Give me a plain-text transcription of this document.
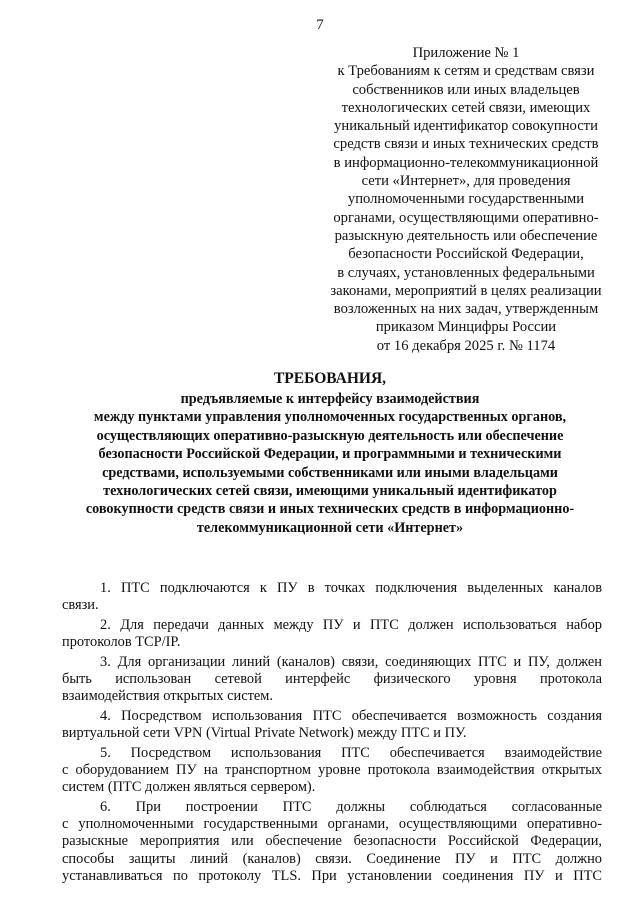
7
Приложение № 1
к Требованиям к сетям и средствам связи
собственников или иных владельцев
технологических сетей связи, имеющих
уникальный идентификатор совокупности
средств связи и иных технических средств
в информационно-телекоммуникационной
сети «Интернет», для проведения
уполномоченными государственными
органами, осуществляющими оперативно-
разыскную деятельность или обеспечение
безопасности Российской Федерации,
в случаях, установленных федеральными
законами, мероприятий в целях реализации
возложенных на них задач, утвержденным
приказом Минцифры России
от 16 декабря 2025 г. № 1174
ТРЕБОВАНИЯ,
предъявляемые к интерфейсу взаимодействия
между пунктами управления уполномоченных государственных органов,
осуществляющих оперативно-разыскную деятельность или обеспечение
безопасности Российской Федерации, и программными и техническими
средствами, используемыми собственниками или иными владельцами
технологических сетей связи, имеющими уникальный идентификатор
совокупности средств связи и иных технических средств в информационно-
телекоммуникационной сети «Интернет»
1. ПТС подключаются к ПУ в точках подключения выделенных каналов
связи.
2. Для передачи данных между ПУ и ПТС должен использоваться набор
протоколов TCP/IP.
3. Для организации линий (каналов) связи, соединяющих ПТС и ПУ, должен
быть использован сетевой интерфейс физического уровня протокола
взаимодействия открытых систем.
4. Посредством использования ПТС обеспечивается возможность создания
виртуальной сети VPN (Virtual Private Network) между ПТС и ПУ.
5. Посредством использования ПТС обеспечивается взаимодействие
с оборудованием ПУ на транспортном уровне протокола взаимодействия открытых
систем (ПТС должен являться сервером).
6. При построении ПТС должны соблюдаться согласованные
с уполномоченными государственными органами, осуществляющими оперативно-
разыскные мероприятия или обеспечение безопасности Российской Федерации,
способы защиты линий (каналов) связи. Соединение ПУ и ПТС должно
устанавливаться по протоколу TLS. При установлении соединения ПУ и ПТС
